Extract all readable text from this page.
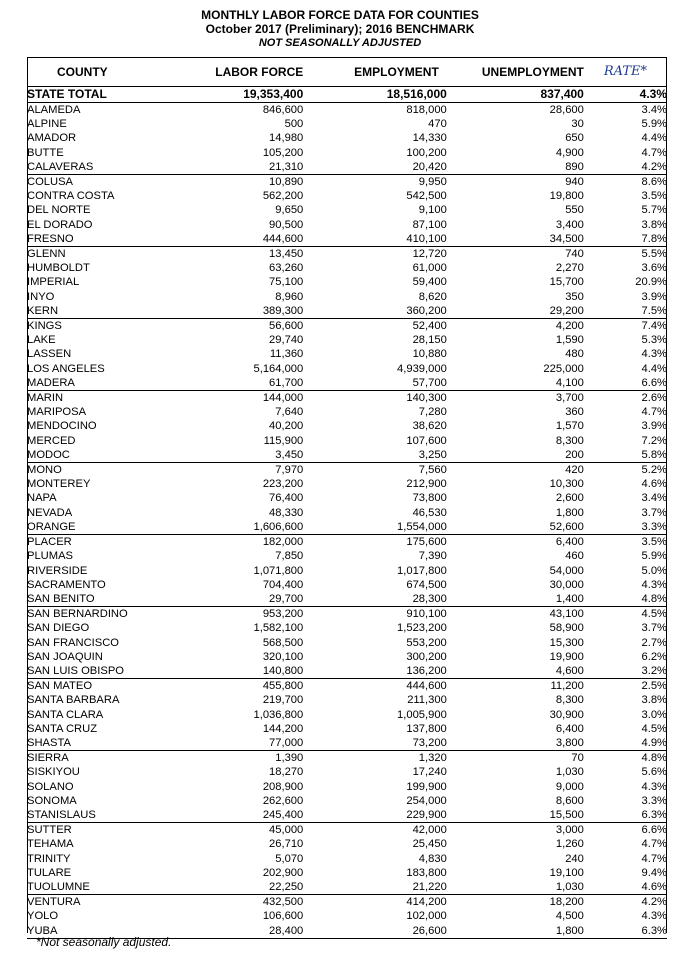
MONTHLY LABOR FORCE DATA FOR COUNTIES
October 2017 (Preliminary); 2016 BENCHMARK
NOT SEASONALLY ADJUSTED
COUNTY	LABOR FORCE	EMPLOYMENT	UNEMPLOYMENT	RATE*
STATE TOTAL	19,353,400	18,516,000	837,400	4.3%
ALAMEDA	846,600	818,000	28,600	3.4%
ALPINE	500	470	30	5.9%
AMADOR	14,980	14,330	650	4.4%
BUTTE	105,200	100,200	4,900	4.7%
CALAVERAS	21,310	20,420	890	4.2%
COLUSA	10,890	9,950	940	8.6%
CONTRA COSTA	562,200	542,500	19,800	3.5%
DEL NORTE	9,650	9,100	550	5.7%
EL DORADO	90,500	87,100	3,400	3.8%
FRESNO	444,600	410,100	34,500	7.8%
GLENN	13,450	12,720	740	5.5%
HUMBOLDT	63,260	61,000	2,270	3.6%
IMPERIAL	75,100	59,400	15,700	20.9%
INYO	8,960	8,620	350	3.9%
KERN	389,300	360,200	29,200	7.5%
KINGS	56,600	52,400	4,200	7.4%
LAKE	29,740	28,150	1,590	5.3%
LASSEN	11,360	10,880	480	4.3%
LOS ANGELES	5,164,000	4,939,000	225,000	4.4%
MADERA	61,700	57,700	4,100	6.6%
MARIN	144,000	140,300	3,700	2.6%
MARIPOSA	7,640	7,280	360	4.7%
MENDOCINO	40,200	38,620	1,570	3.9%
MERCED	115,900	107,600	8,300	7.2%
MODOC	3,450	3,250	200	5.8%
MONO	7,970	7,560	420	5.2%
MONTEREY	223,200	212,900	10,300	4.6%
NAPA	76,400	73,800	2,600	3.4%
NEVADA	48,330	46,530	1,800	3.7%
ORANGE	1,606,600	1,554,000	52,600	3.3%
PLACER	182,000	175,600	6,400	3.5%
PLUMAS	7,850	7,390	460	5.9%
RIVERSIDE	1,071,800	1,017,800	54,000	5.0%
SACRAMENTO	704,400	674,500	30,000	4.3%
SAN BENITO	29,700	28,300	1,400	4.8%
SAN BERNARDINO	953,200	910,100	43,100	4.5%
SAN DIEGO	1,582,100	1,523,200	58,900	3.7%
SAN FRANCISCO	568,500	553,200	15,300	2.7%
SAN JOAQUIN	320,100	300,200	19,900	6.2%
SAN LUIS OBISPO	140,800	136,200	4,600	3.2%
SAN MATEO	455,800	444,600	11,200	2.5%
SANTA BARBARA	219,700	211,300	8,300	3.8%
SANTA CLARA	1,036,800	1,005,900	30,900	3.0%
SANTA CRUZ	144,200	137,800	6,400	4.5%
SHASTA	77,000	73,200	3,800	4.9%
SIERRA	1,390	1,320	70	4.8%
SISKIYOU	18,270	17,240	1,030	5.6%
SOLANO	208,900	199,900	9,000	4.3%
SONOMA	262,600	254,000	8,600	3.3%
STANISLAUS	245,400	229,900	15,500	6.3%
SUTTER	45,000	42,000	3,000	6.6%
TEHAMA	26,710	25,450	1,260	4.7%
TRINITY	5,070	4,830	240	4.7%
TULARE	202,900	183,800	19,100	9.4%
TUOLUMNE	22,250	21,220	1,030	4.6%
VENTURA	432,500	414,200	18,200	4.2%
YOLO	106,600	102,000	4,500	4.3%
YUBA	28,400	26,600	1,800	6.3%
*Not seasonally adjusted.
